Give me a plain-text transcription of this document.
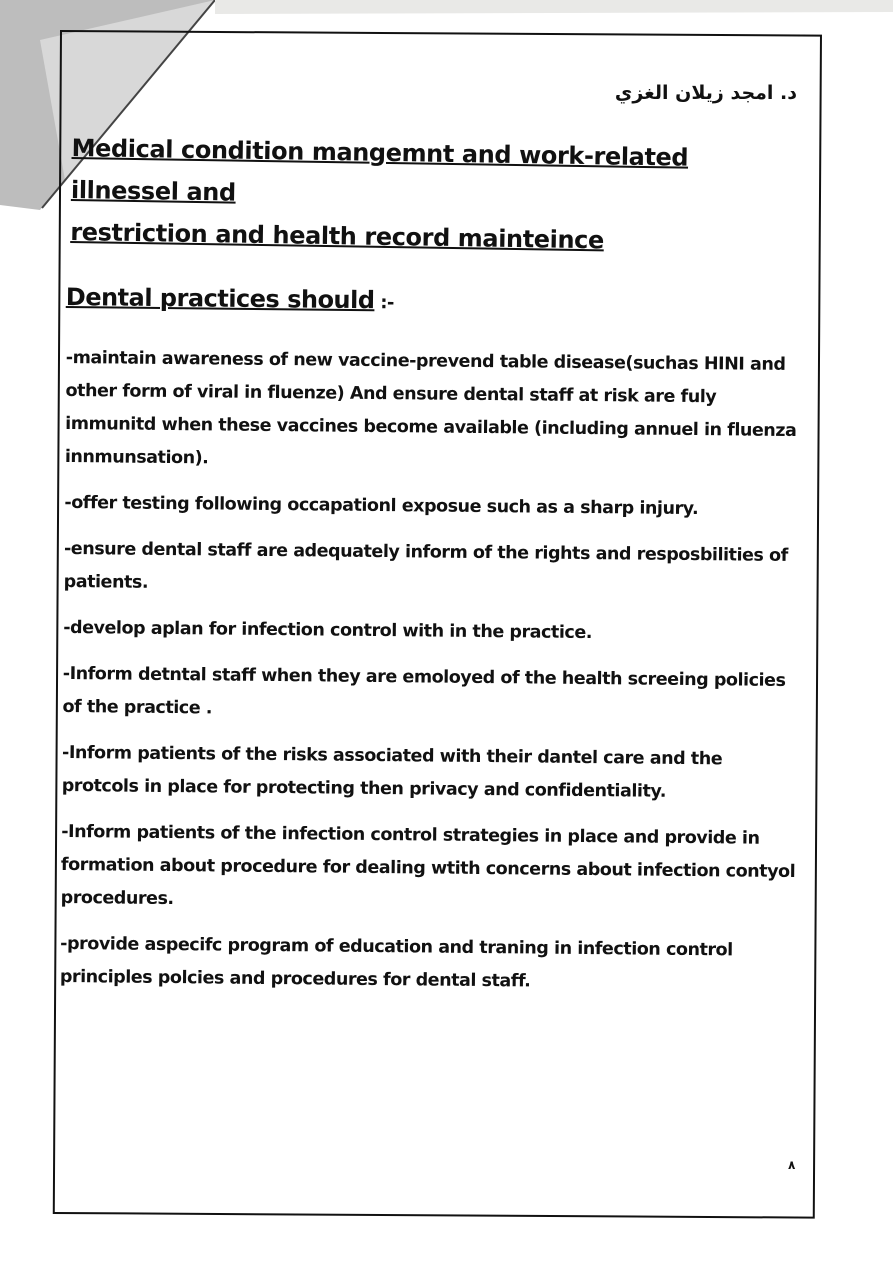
د. امجد زيلان الغزي
Medical condition mangemnt and work-related illnessel and
restriction and health record mainteince
Dental practices should :-

-maintain awareness of new vaccine-prevend table disease(suchas HINI and other form of viral in fluenze) And ensure dental staff at risk are fuly immunitd when these vaccines become available (including annuel in fluenza innmunsation).

-offer testing following occapationl exposue such as a sharp injury.

-ensure dental staff are adequately inform of the rights and resposbilities of patients.

-develop aplan for infection control with in the practice.

-Inform detntal staff when they are emoloyed of the health screeing policies of the practice .

-Inform patients of the risks associated with their dantel care and the protcols in place for protecting then privacy and confidentiality.

-Inform patients of the infection control strategies in place and provide in formation about procedure for dealing wtith concerns about infection contyol procedures.

-provide aspecifc program of education and traning in infection control principles polcies and procedures for dental staff.

٨
